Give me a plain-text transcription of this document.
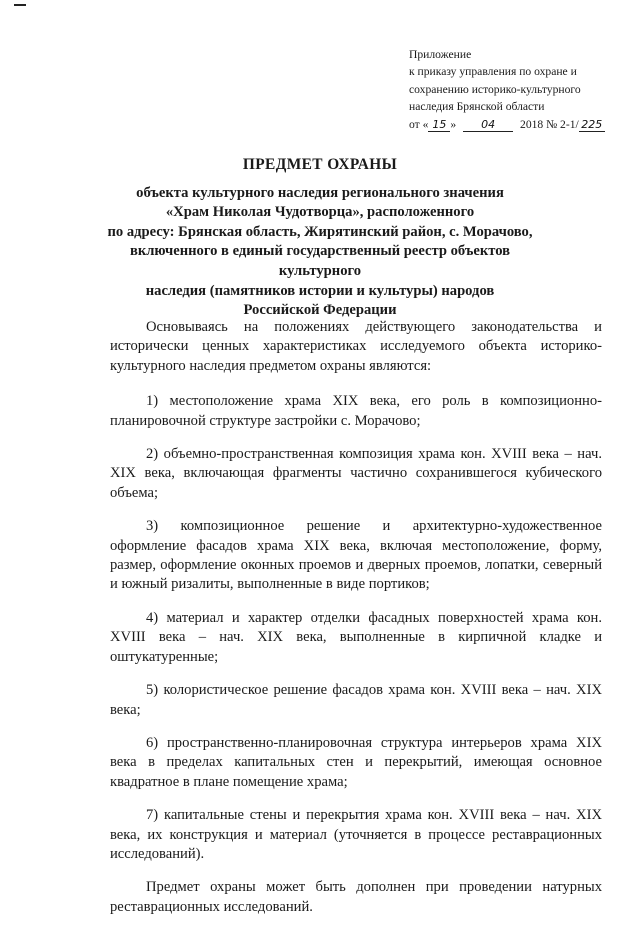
Приложение
к приказу управления по охране и
сохранению историко-культурного
наследия Брянской области
от « 15 » 04 2018 № 2-1/ 225
ПРЕДМЕТ ОХРАНЫ
объекта культурного наследия регионального значения
«Храм Николая Чудотворца», расположенного
по адресу: Брянская область, Жирятинский район, с. Морачово,
включенного в единый государственный реестр объектов культурного
наследия (памятников истории и культуры) народов
Российской Федерации

Основываясь на положениях действующего законодательства и исторически ценных характеристиках исследуемого объекта историко-культурного наследия предметом охраны являются:

1) местоположение храма XIX века, его роль в композиционно-планировочной структуре застройки с. Морачово;

2) объемно-пространственная композиция храма кон. XVIII века – нач. XIX века, включающая фрагменты частично сохранившегося кубического объема;

3) композиционное решение и архитектурно-художественное оформление фасадов храма XIX века, включая местоположение, форму, размер, оформление оконных проемов и дверных проемов, лопатки, северный и южный ризалиты, выполненные в виде портиков;

4) материал и характер отделки фасадных поверхностей храма кон. XVIII века – нач. XIX века, выполненные в кирпичной кладке и оштукатуренные;

5) колористическое решение фасадов храма кон. XVIII века – нач. XIX века;

6) пространственно-планировочная структура интерьеров храма XIX века в пределах капитальных стен и перекрытий, имеющая основное квадратное в плане помещение храма;

7) капитальные стены и перекрытия храма кон. XVIII века – нач. XIX века, их конструкция и материал (уточняется в процессе реставрационных исследований).

Предмет охраны может быть дополнен при проведении натурных реставрационных исследований.
